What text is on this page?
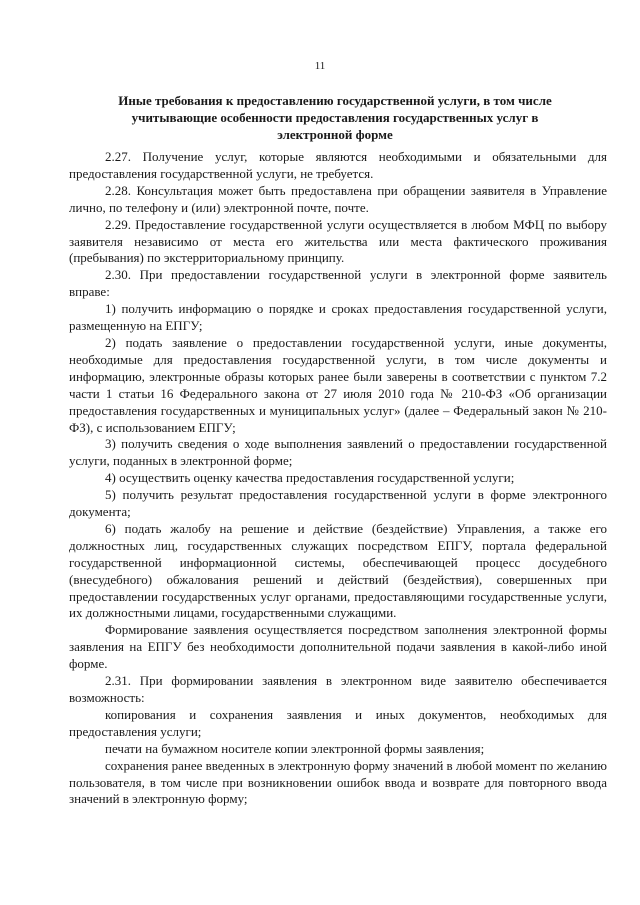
11
Иные требования к предоставлению государственной услуги, в том числе
учитывающие особенности предоставления государственных услуг в
электронной форме

2.27. Получение услуг, которые являются необходимыми и обязательными для предоставления государственной услуги, не требуется.

2.28. Консультация может быть предоставлена при обращении заявителя в Управление лично, по телефону и (или) электронной почте, почте.

2.29. Предоставление государственной услуги осуществляется в любом МФЦ по выбору заявителя независимо от места его жительства или места фактического проживания (пребывания) по экстерриториальному принципу.

2.30. При предоставлении государственной услуги в электронной форме заявитель вправе:

1) получить информацию о порядке и сроках предоставления государственной услуги, размещенную на ЕПГУ;

2) подать заявление о предоставлении государственной услуги, иные документы, необходимые для предоставления государственной услуги, в том числе документы и информацию, электронные образы которых ранее были заверены в соответствии с пунктом 7.2 части 1 статьи 16 Федерального закона от 27 июля 2010 года № 210-ФЗ «Об организации предоставления государственных и муниципальных услуг» (далее – Федеральный закон № 210-ФЗ), с использованием ЕПГУ;

3) получить сведения о ходе выполнения заявлений о предоставлении государственной услуги, поданных в электронной форме;

4) осуществить оценку качества предоставления государственной услуги;

5) получить результат предоставления государственной услуги в форме электронного документа;

6) подать жалобу на решение и действие (бездействие) Управления, а также его должностных лиц, государственных служащих посредством ЕПГУ, портала федеральной государственной информационной системы, обеспечивающей процесс досудебного (внесудебного) обжалования решений и действий (бездействия), совершенных при предоставлении государственных услуг органами, предоставляющими государственные услуги, их должностными лицами, государственными служащими.

Формирование заявления осуществляется посредством заполнения электронной формы заявления на ЕПГУ без необходимости дополнительной подачи заявления в какой-либо иной форме.

2.31. При формировании заявления в электронном виде заявителю обеспечивается возможность:

копирования и сохранения заявления и иных документов, необходимых для предоставления услуги;

печати на бумажном носителе копии электронной формы заявления;

сохранения ранее введенных в электронную форму значений в любой момент по желанию пользователя, в том числе при возникновении ошибок ввода и возврате для повторного ввода значений в электронную форму;
